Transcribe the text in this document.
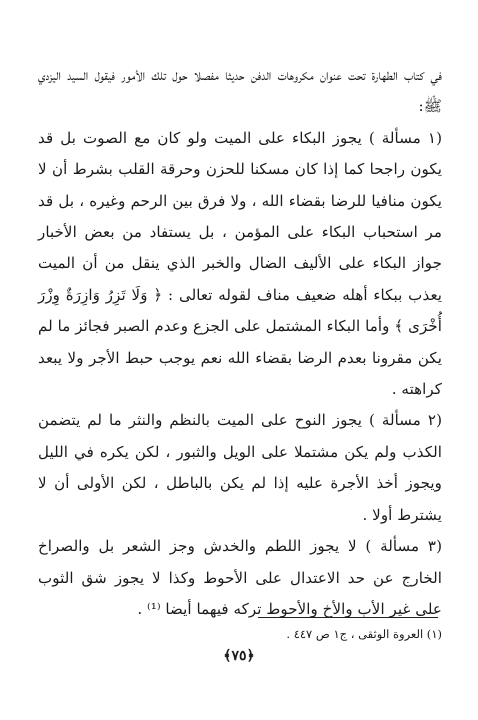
في كتاب الطهارة تحت عنوان مكروهات الدفن حديثا مفصلا حول تلك الأمور فيقول السيد اليزدي ﷺ:

(١ مسألة ) يجوز البكاء على الميت ولو كان مع الصوت بل قد يكون راجحا كما إذا كان مسكنا للحزن وحرقة القلب بشرط أن لا يكون منافيا للرضا بقضاء الله ، ولا فرق بين الرحم وغيره ، بل قد مر استحباب البكاء على المؤمن ، بل يستفاد من بعض الأخبار جواز البكاء على الأليف الضال والخبر الذي ينقل من أن الميت يعذب ببكاء أهله ضعيف مناف لقوله تعالى : ﴿ وَلَا تَزِرُ وَازِرَةٌ وِزْرَ أُخْرَى ﴾ وأما البكاء المشتمل على الجزع وعدم الصبر فجائز ما لم يكن مقرونا بعدم الرضا بقضاء الله نعم يوجب حبط الأجر ولا يبعد كراهته .

(٢ مسألة ) يجوز النوح على الميت بالنظم والنثر ما لم يتضمن الكذب ولم يكن مشتملا على الويل والثبور ، لكن يكره في الليل ويجوز أخذ الأجرة عليه إذا لم يكن بالباطل ، لكن الأولى أن لا يشترط أولا .

(٣ مسألة ) لا يجوز اللطم والخدش وجز الشعر بل والصراخ الخارج عن حد الاعتدال على الأحوط وكذا لا يجوز شق الثوب على غير الأب والأخ والأحوط تركه فيهما أيضا ⁽¹⁾ .

(١) العروة الوثقى ، ج١ ص ٤٤٧ .
﴿٧٥﴾
